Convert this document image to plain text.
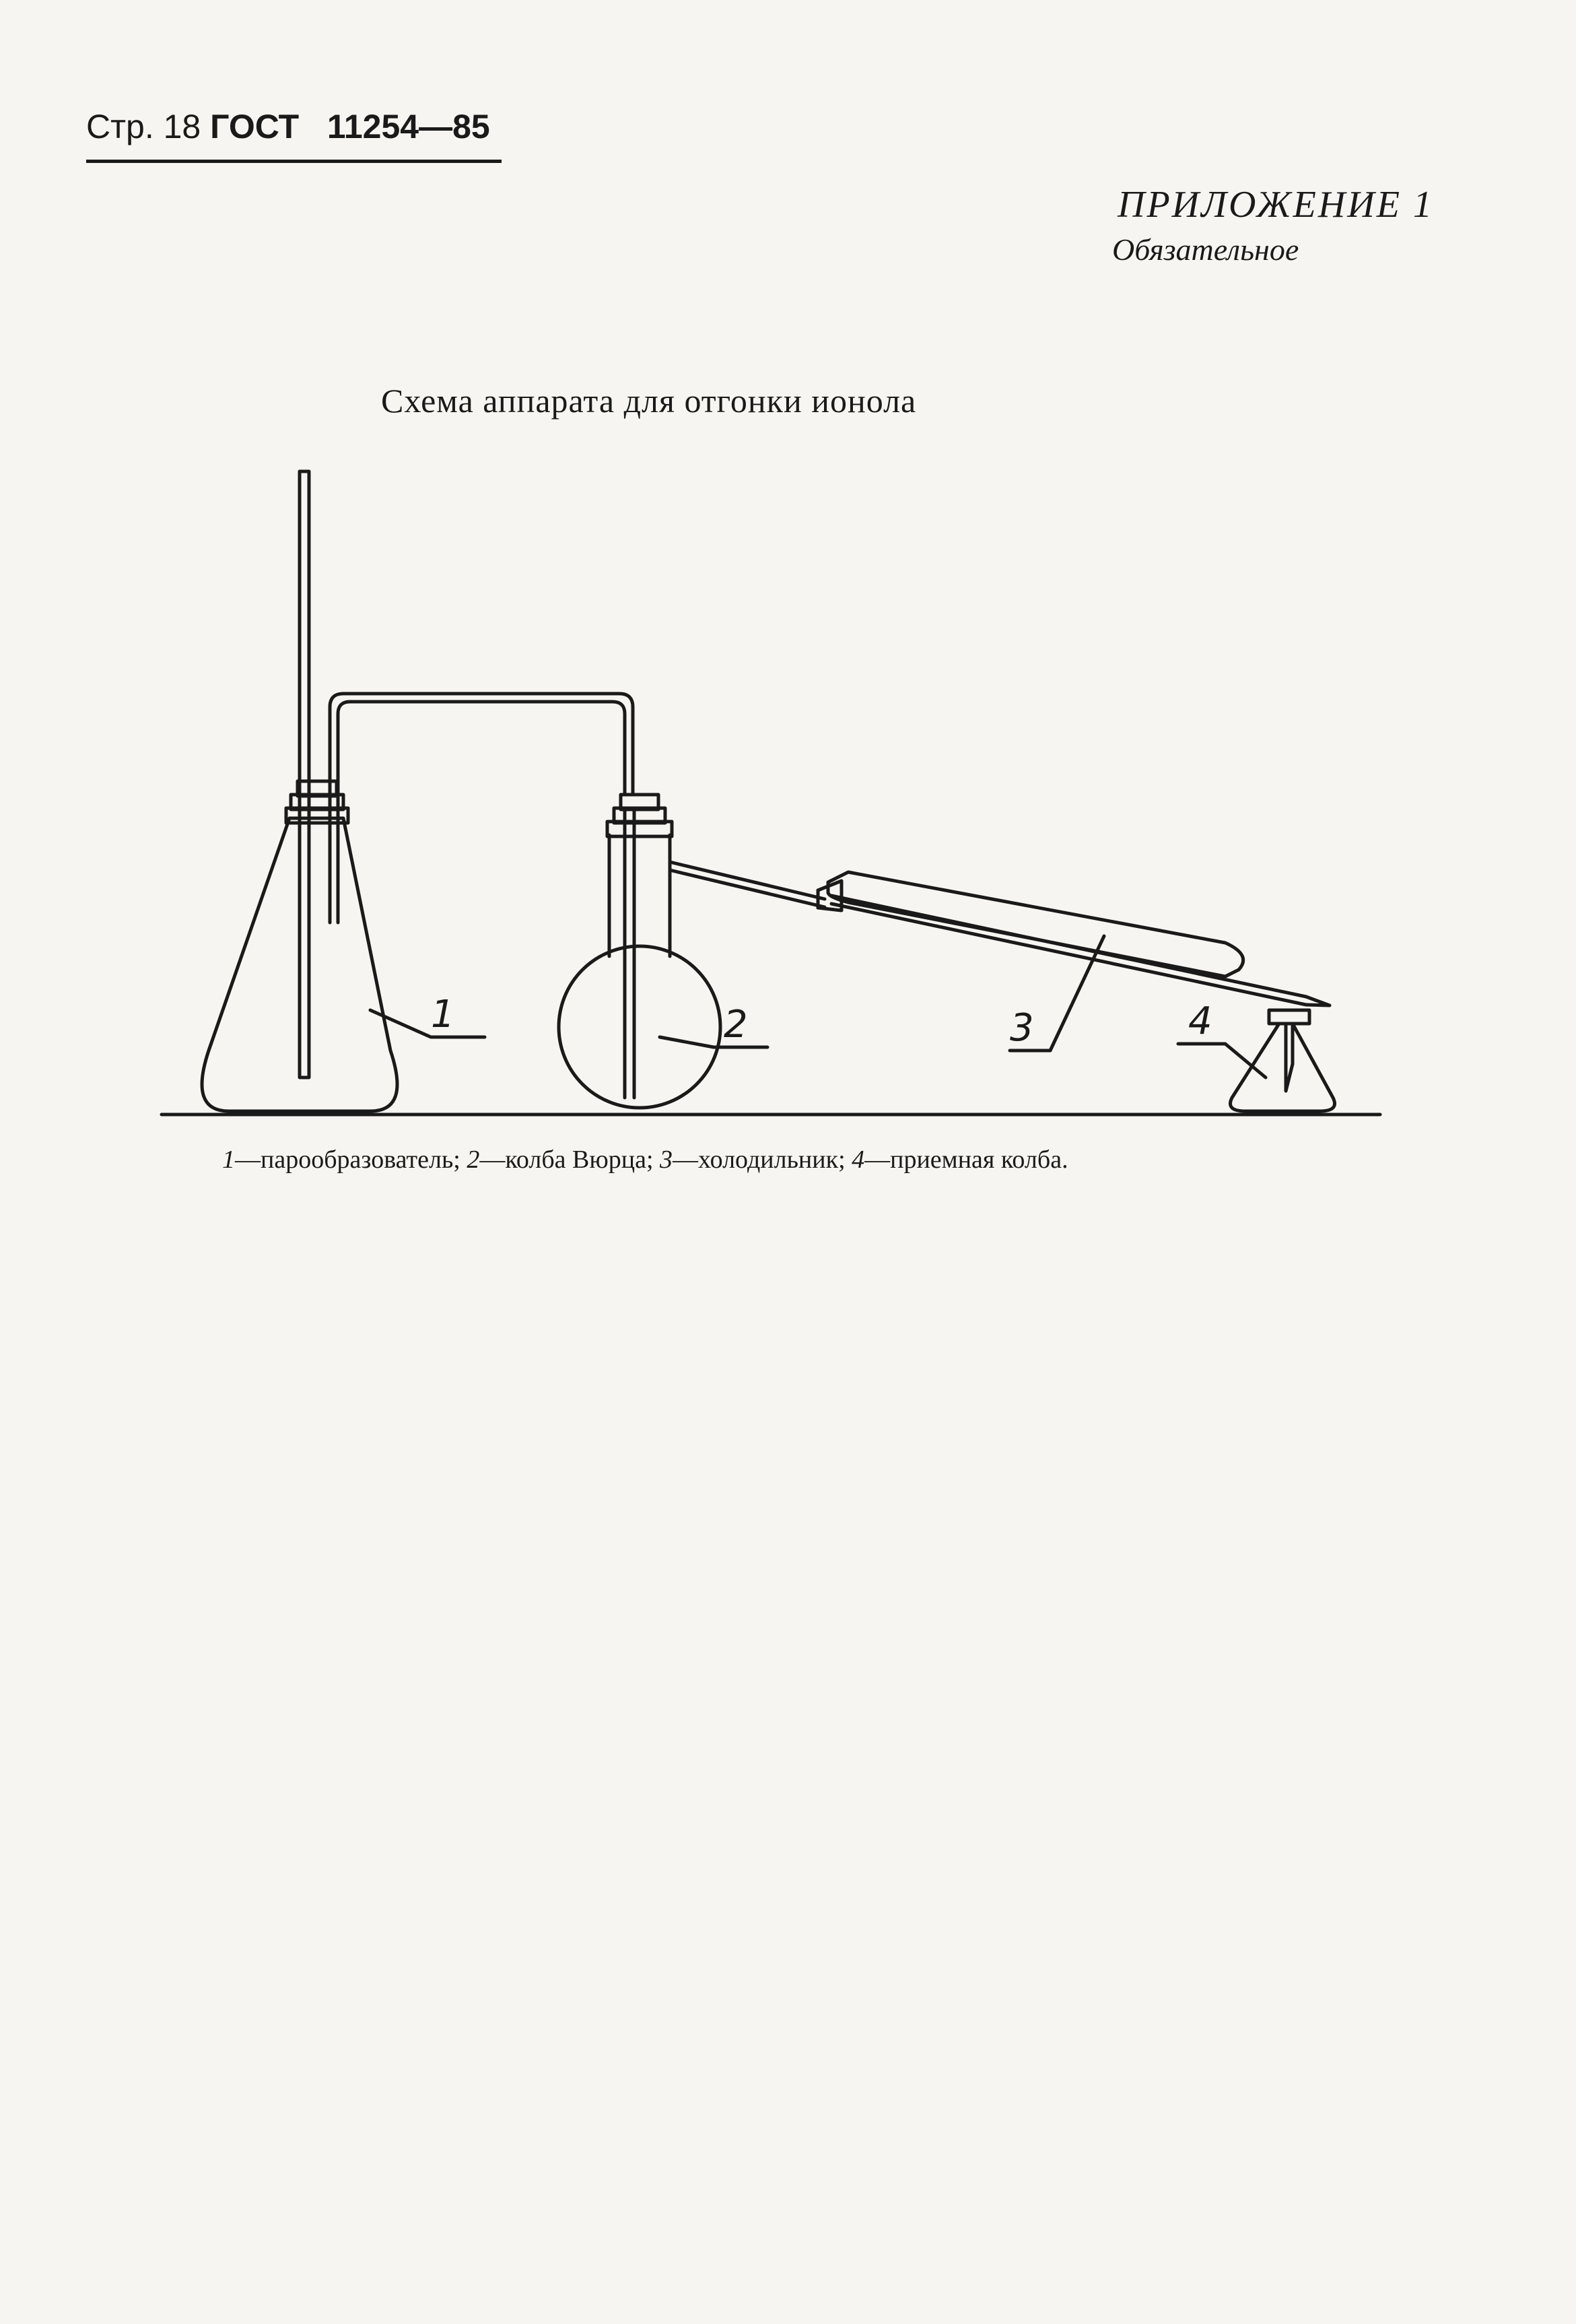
Стр.
18
ГОСТ
11254—85
ПРИЛОЖЕНИЕ 1
Обязательное
Схема аппарата для отгонки ионола
1	2	3	4
1—парообразователь; 2—колба Вюрца; 3—холодильник; 4—приемная колба.
